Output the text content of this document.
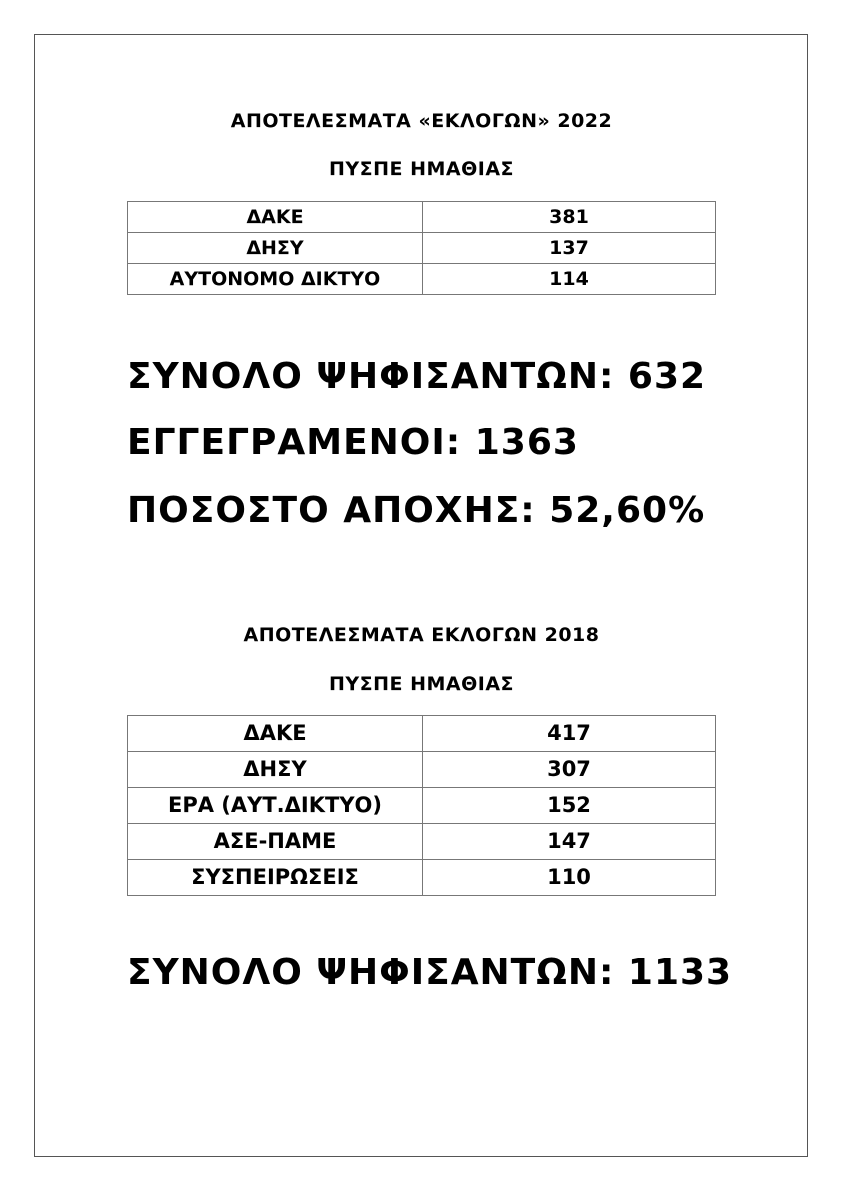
ΑΠΟΤΕΛΕΣΜΑΤΑ «ΕΚΛΟΓΩΝ» 2022
ΠΥΣΠΕ ΗΜΑΘΙΑΣ
ΔΑΚΕ	381
ΔΗΣΥ	137
ΑΥΤΟΝΟΜΟ ΔΙΚΤΥΟ	114
ΣΥΝΟΛΟ ΨΗΦΙΣΑΝΤΩΝ: 632
ΕΓΓΕΓΡΑΜΕΝΟΙ: 1363
ΠΟΣΟΣΤΟ ΑΠΟΧΗΣ: 52,60%
ΑΠΟΤΕΛΕΣΜΑΤΑ ΕΚΛΟΓΩΝ 2018
ΠΥΣΠΕ ΗΜΑΘΙΑΣ
ΔΑΚΕ	417
ΔΗΣΥ	307
ΕΡΑ (ΑΥΤ.ΔΙΚΤΥΟ)	152
ΑΣΕ-ΠΑΜΕ	147
ΣΥΣΠΕΙΡΩΣΕΙΣ	110
ΣΥΝΟΛΟ ΨΗΦΙΣΑΝΤΩΝ: 1133
